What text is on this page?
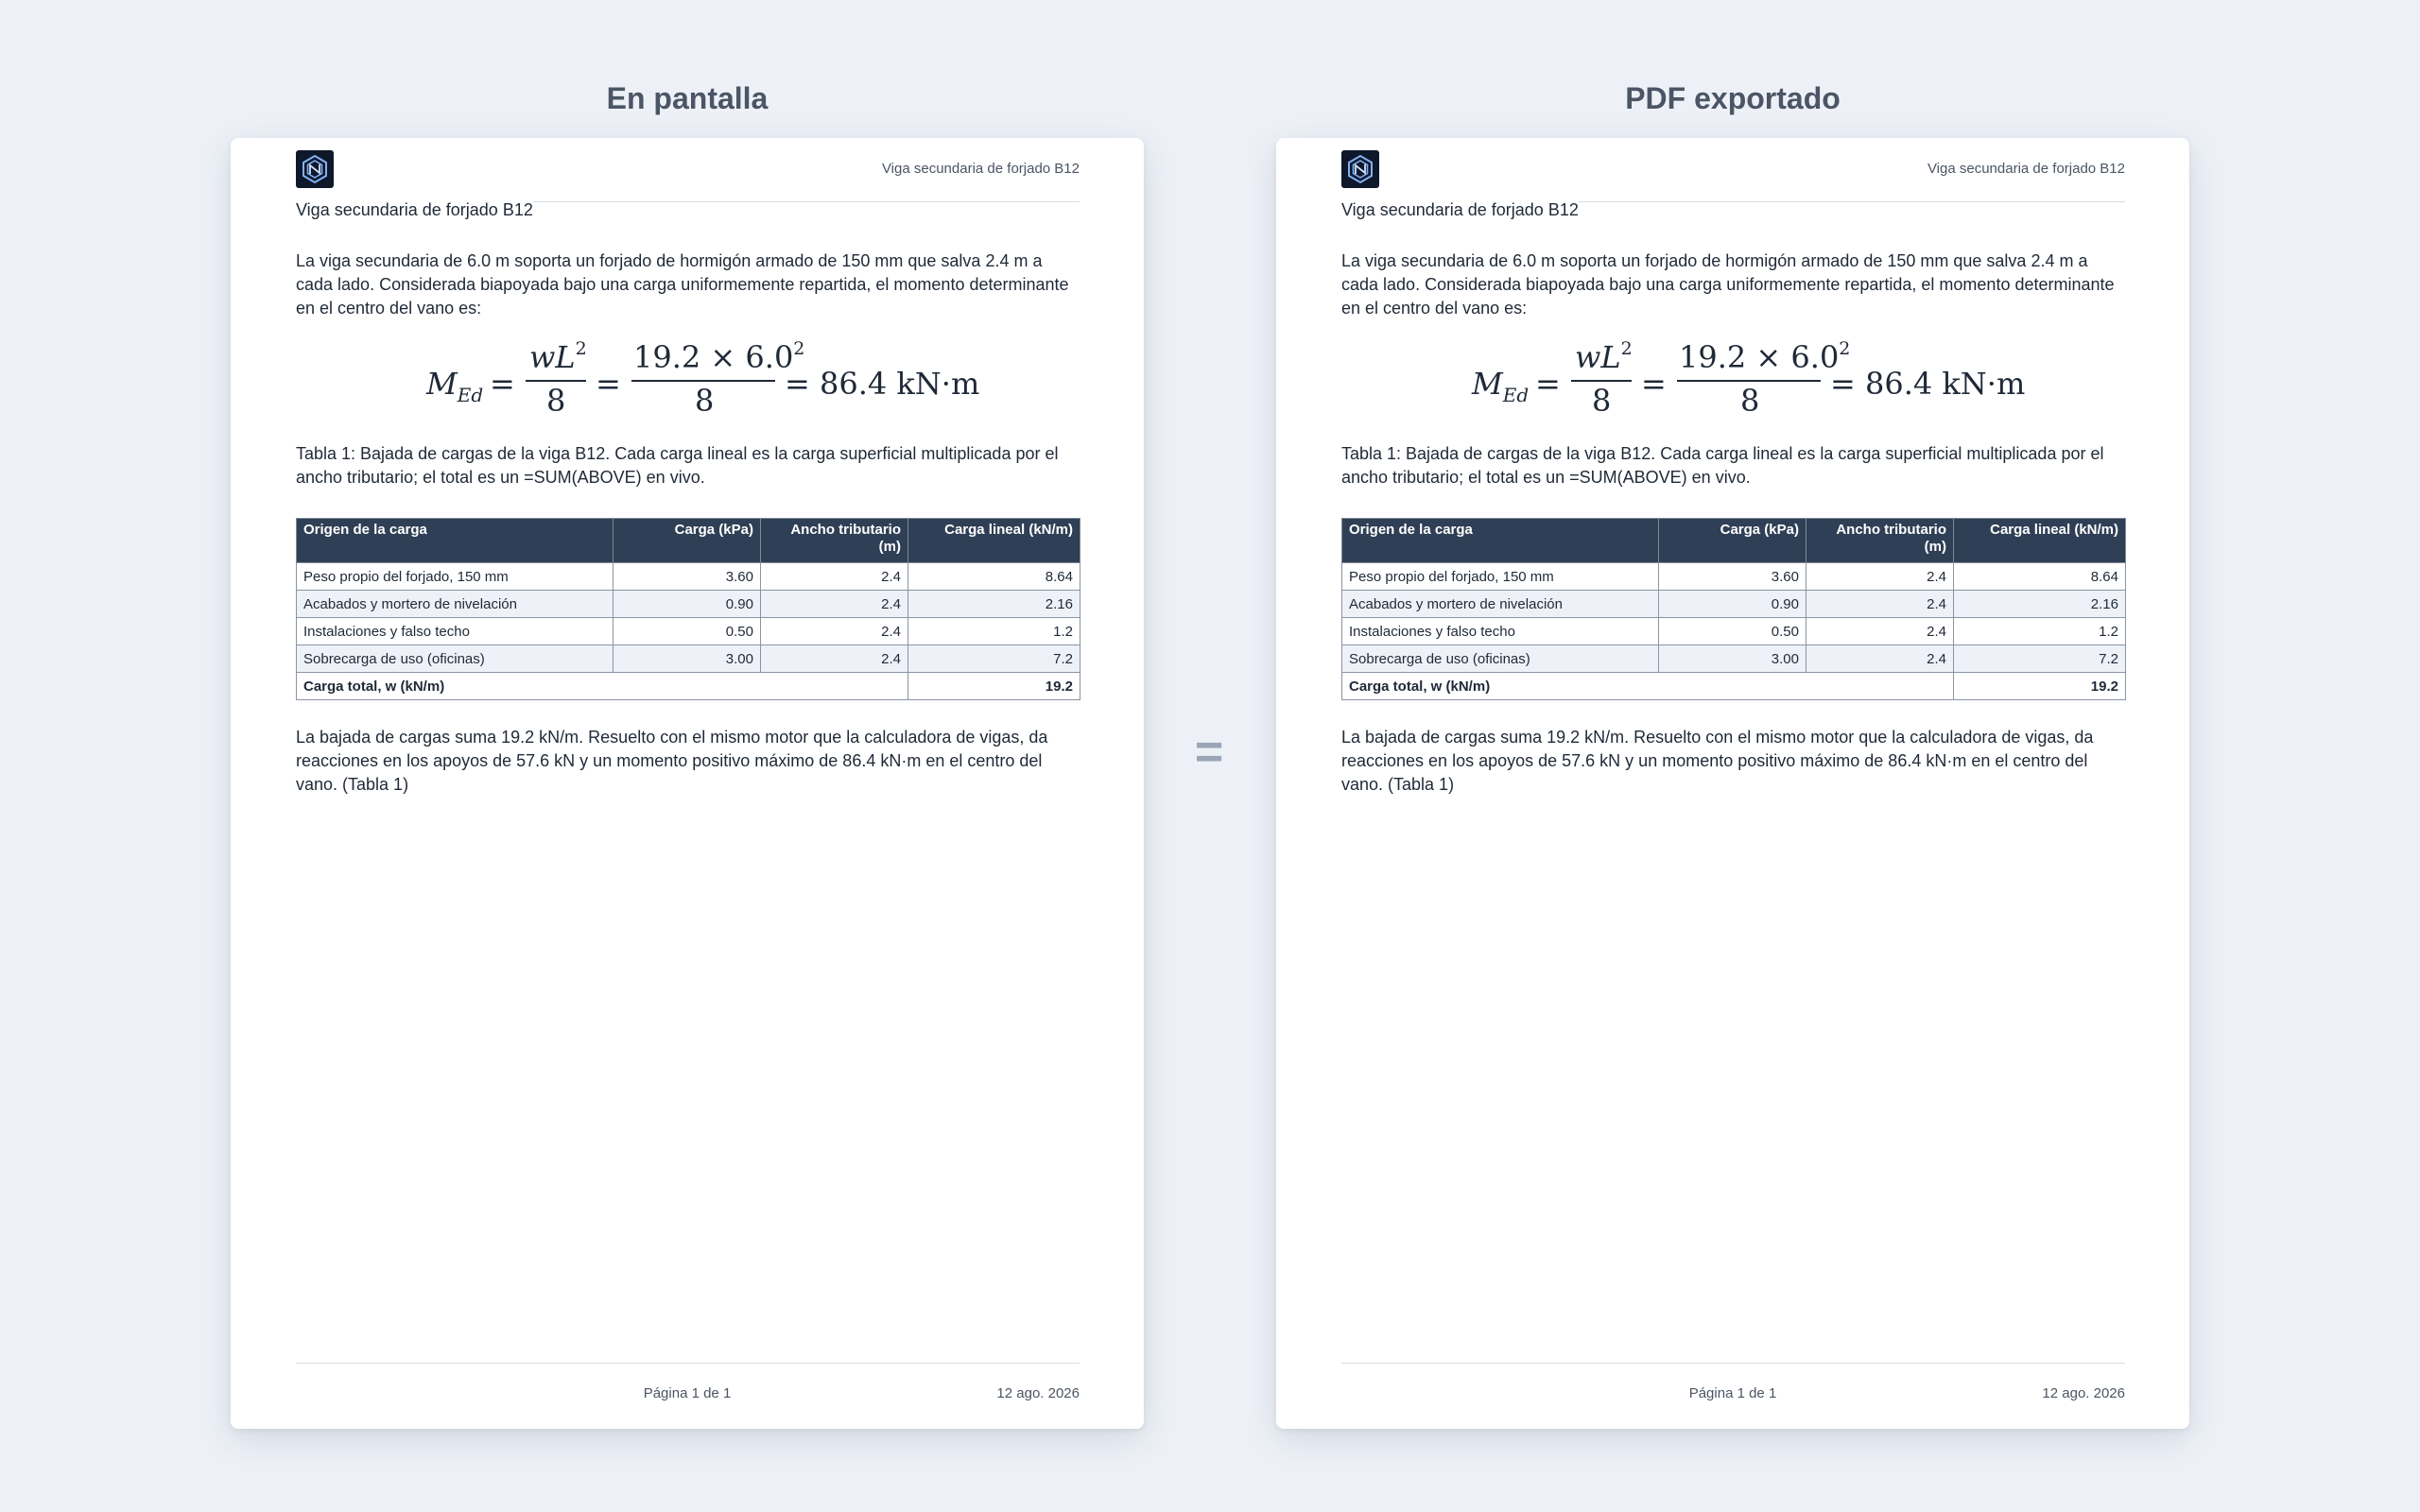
En pantalla
Viga secundaria de forjado B12
Viga secundaria de forjado B12

La viga secundaria de 6.0 m soporta un forjado de hormigón armado de 150 mm que salva 2.4 m a cada lado. Considerada biapoyada bajo una carga uniformemente repartida, el momento determinante en el centro del vano es:

$M_{Ed}$ =
$wL^2$
8 =
$19.2 \times 6.0^2$
8 = 86.4 kN·m

Tabla 1: Bajada de cargas de la viga B12. Cada carga lineal es la carga superficial multiplicada por el ancho tributario; el total es un =SUM(ABOVE) en vivo.

Origen de la carga	Carga (kPa)	Ancho tributario (m)	Carga lineal (kN/m)
Peso propio del forjado, 150 mm	3.60	2.4	8.64
Acabados y mortero de nivelación	0.90	2.4	2.16
Instalaciones y falso techo	0.50	2.4	1.2
Sobrecarga de uso (oficinas)	3.00	2.4	7.2
Carga total, w (kN/m)			19.2

La bajada de cargas suma 19.2 kN/m. Resuelto con el mismo motor que la calculadora de vigas, da reacciones en los apoyos de 57.6 kN y un momento positivo máximo de 86.4 kN·m en el centro del vano. (Tabla 1)

Página 1 de 1	12 ago. 2026
=
PDF exportado
Viga secundaria de forjado B12
Viga secundaria de forjado B12

La viga secundaria de 6.0 m soporta un forjado de hormigón armado de 150 mm que salva 2.4 m a cada lado. Considerada biapoyada bajo una carga uniformemente repartida, el momento determinante en el centro del vano es:

$M_{Ed}$ =
$wL^2$
8 =
$19.2 \times 6.0^2$
8 = 86.4 kN·m

Tabla 1: Bajada de cargas de la viga B12. Cada carga lineal es la carga superficial multiplicada por el ancho tributario; el total es un =SUM(ABOVE) en vivo.

Origen de la carga	Carga (kPa)	Ancho tributario (m)	Carga lineal (kN/m)
Peso propio del forjado, 150 mm	3.60	2.4	8.64
Acabados y mortero de nivelación	0.90	2.4	2.16
Instalaciones y falso techo	0.50	2.4	1.2
Sobrecarga de uso (oficinas)	3.00	2.4	7.2
Carga total, w (kN/m)			19.2

La bajada de cargas suma 19.2 kN/m. Resuelto con el mismo motor que la calculadora de vigas, da reacciones en los apoyos de 57.6 kN y un momento positivo máximo de 86.4 kN·m en el centro del vano. (Tabla 1)

Página 1 de 1	12 ago. 2026
